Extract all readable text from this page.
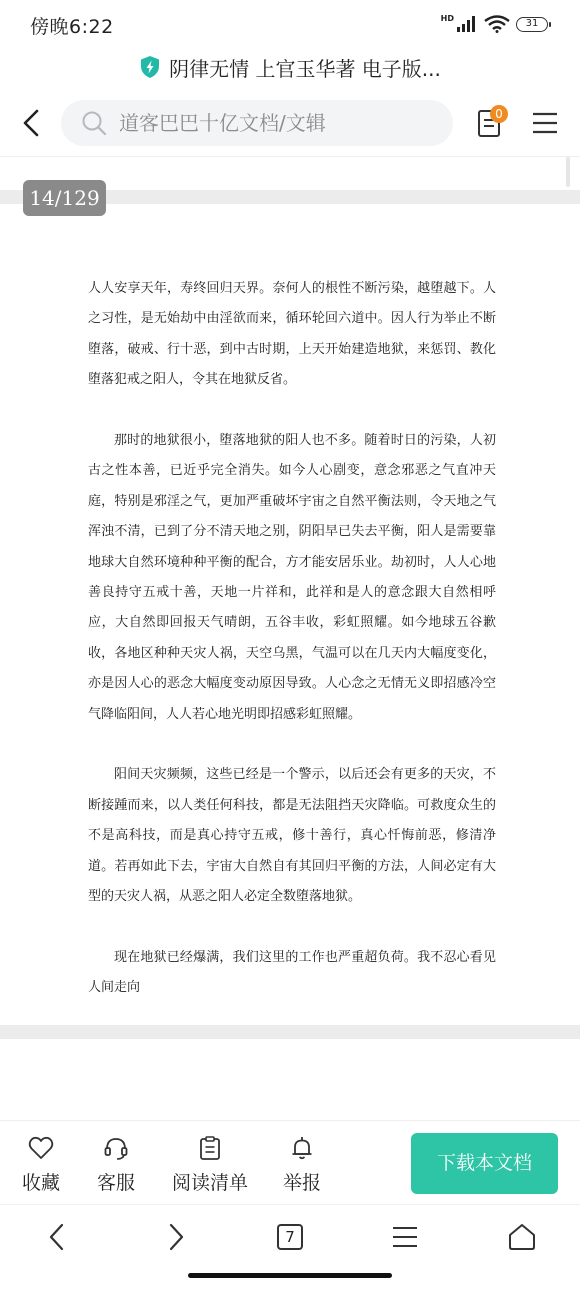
傍晚6:22	HD	31
阴律无情 上官玉华著 电子版...
道客巴巴十亿文档/文辑
0
14/129

人人安享天年，寿终回归天界。奈何人的根性不断污染，越堕越下。人之习性，是无始劫中由淫欲而来，循环轮回六道中。因人行为举止不断堕落，破戒、行十恶，到中古时期，上天开始建造地狱，来惩罚、教化堕落犯戒之阳人，令其在地狱反省。

那时的地狱很小，堕落地狱的阳人也不多。随着时日的污染，人初古之性本善，已近乎完全消失。如今人心剧变，意念邪恶之气直冲天庭，特别是邪淫之气，更加严重破坏宇宙之自然平衡法则，令天地之气浑浊不清，已到了分不清天地之别，阴阳早已失去平衡，阳人是需要靠地球大自然环境种种平衡的配合，方才能安居乐业。劫初时，人人心地善良持守五戒十善，天地一片祥和，此祥和是人的意念跟大自然相呼应，大自然即回报天气晴朗，五谷丰收，彩虹照耀。如今地球五谷歉收，各地区种种天灾人祸，天空乌黑，气温可以在几天内大幅度变化，亦是因人心的恶念大幅度变动原因导致。人心念之无情无义即招感冷空气降临阳间，人人若心地光明即招感彩虹照耀。

阳间天灾频频，这些已经是一个警示，以后还会有更多的天灾，不断接踵而来，以人类任何科技，都是无法阻挡天灾降临。可救度众生的不是高科技，而是真心持守五戒，修十善行，真心忏悔前恶，修清净道。若再如此下去，宇宙大自然自有其回归平衡的方法，人间必定有大型的天灾人祸，从恶之阳人必定全数堕落地狱。

现在地狱已经爆满，我们这里的工作也严重超负荷。我不忍心看见人间走向

收藏 客服 阅读清单 举报
下载本文档
7
